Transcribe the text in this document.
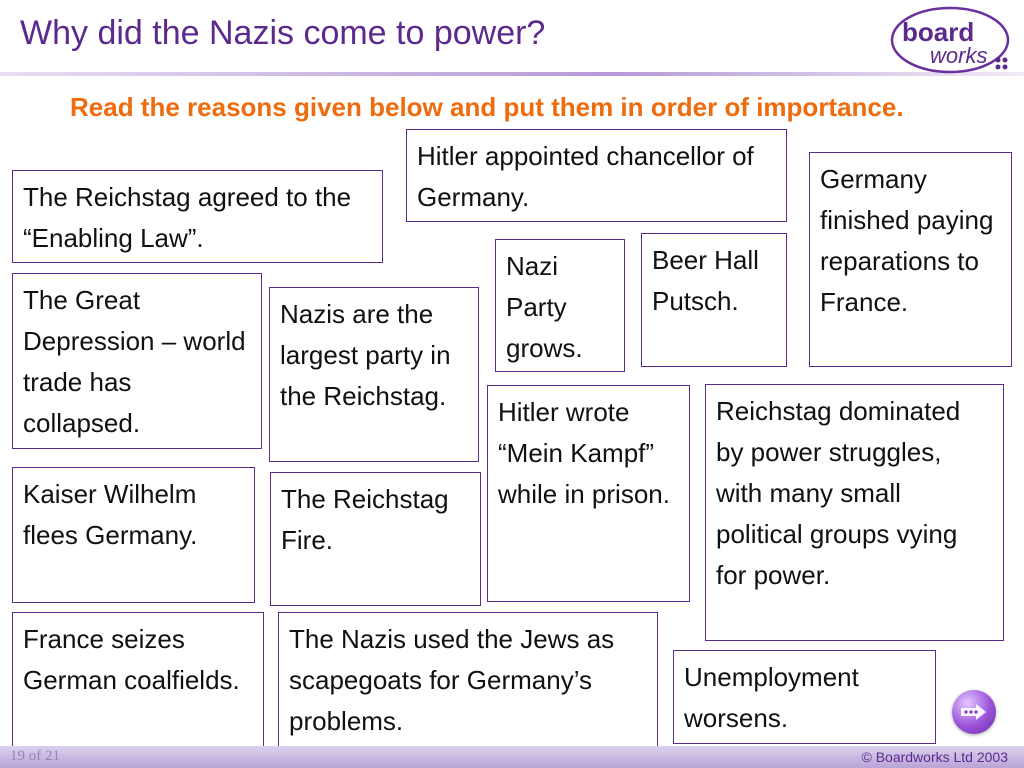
Why did the Nazis come to power?	board
works
Read the reasons given below and put them in order of importance.
The Reichstag agreed to the “Enabling Law”.
Hitler appointed chancellor of Germany.
Germany finished paying reparations to France.
Nazi Party grows.
Beer Hall Putsch.
The Great Depression – world trade has collapsed.
Nazis are the largest party in the Reichstag.
Hitler wrote “Mein Kampf” while in prison.
Reichstag dominated by power struggles, with many small political groups vying for power.
Kaiser Wilhelm flees Germany.
The Reichstag Fire.
France seizes German coalfields.
The Nazis used the Jews as scapegoats for Germany’s problems.
Unemployment worsens.
19 of 21	© Boardworks Ltd 2003
